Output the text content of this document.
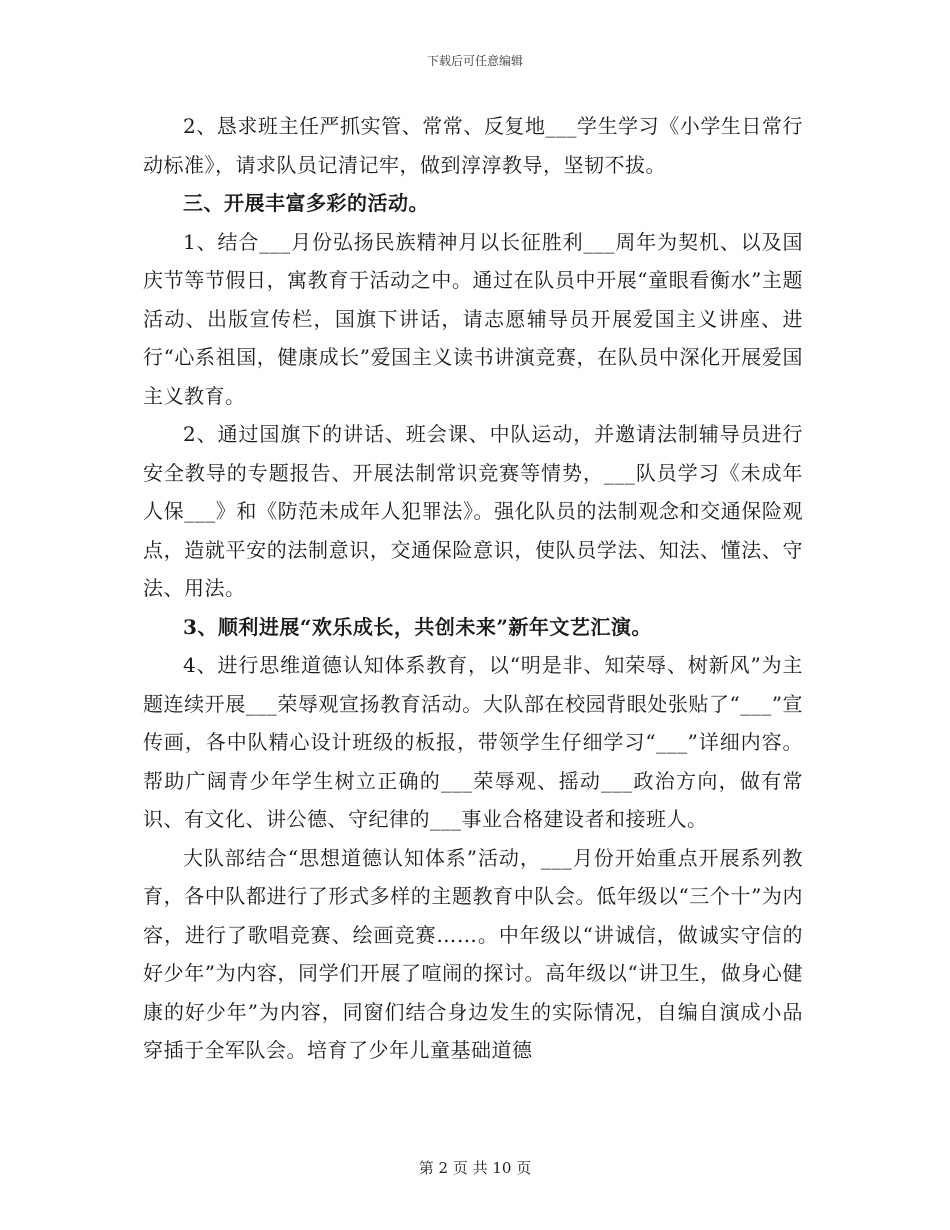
下载后可任意编辑

2、恳求班主任严抓实管、常常、反复地___学生学习《小学生日常行动标准》，请求队员记清记牢，做到淳淳教导，坚韧不拔。

三、开展丰富多彩的活动。

1、结合___月份弘扬民族精神月以长征胜利___周年为契机、以及国庆节等节假日，寓教育于活动之中。通过在队员中开展“童眼看衡水”主题活动、出版宣传栏，国旗下讲话，请志愿辅导员开展爱国主义讲座、进行“心系祖国，健康成长”爱国主义读书讲演竞赛，在队员中深化开展爱国主义教育。

2、通过国旗下的讲话、班会课、中队运动，并邀请法制辅导员进行安全教导的专题报告、开展法制常识竞赛等情势，___队员学习《未成年人保___》和《防范未成年人犯罪法》。强化队员的法制观念和交通保险观点，造就平安的法制意识，交通保险意识，使队员学法、知法、懂法、守法、用法。

3、顺利进展“欢乐成长，共创未来”新年文艺汇演。

4、进行思维道德认知体系教育，以“明是非、知荣辱、树新风”为主题连续开展___荣辱观宣扬教育活动。大队部在校园背眼处张贴了“___”宣传画，各中队精心设计班级的板报，带领学生仔细学习“___”详细内容。帮助广阔青少年学生树立正确的___荣辱观、摇动___政治方向，做有常识、有文化、讲公德、守纪律的___事业合格建设者和接班人。

大队部结合“思想道德认知体系”活动，___月份开始重点开展系列教育，各中队都进行了形式多样的主题教育中队会。低年级以“三个十”为内容，进行了歌唱竞赛、绘画竞赛……。中年级以“讲诚信，做诚实守信的好少年”为内容，同学们开展了喧闹的探讨。高年级以“讲卫生，做身心健康的好少年”为内容，同窗们结合身边发生的实际情况，自编自演成小品穿插于全军队会。培育了少年儿童基础道德

第 2 页 共 10 页
